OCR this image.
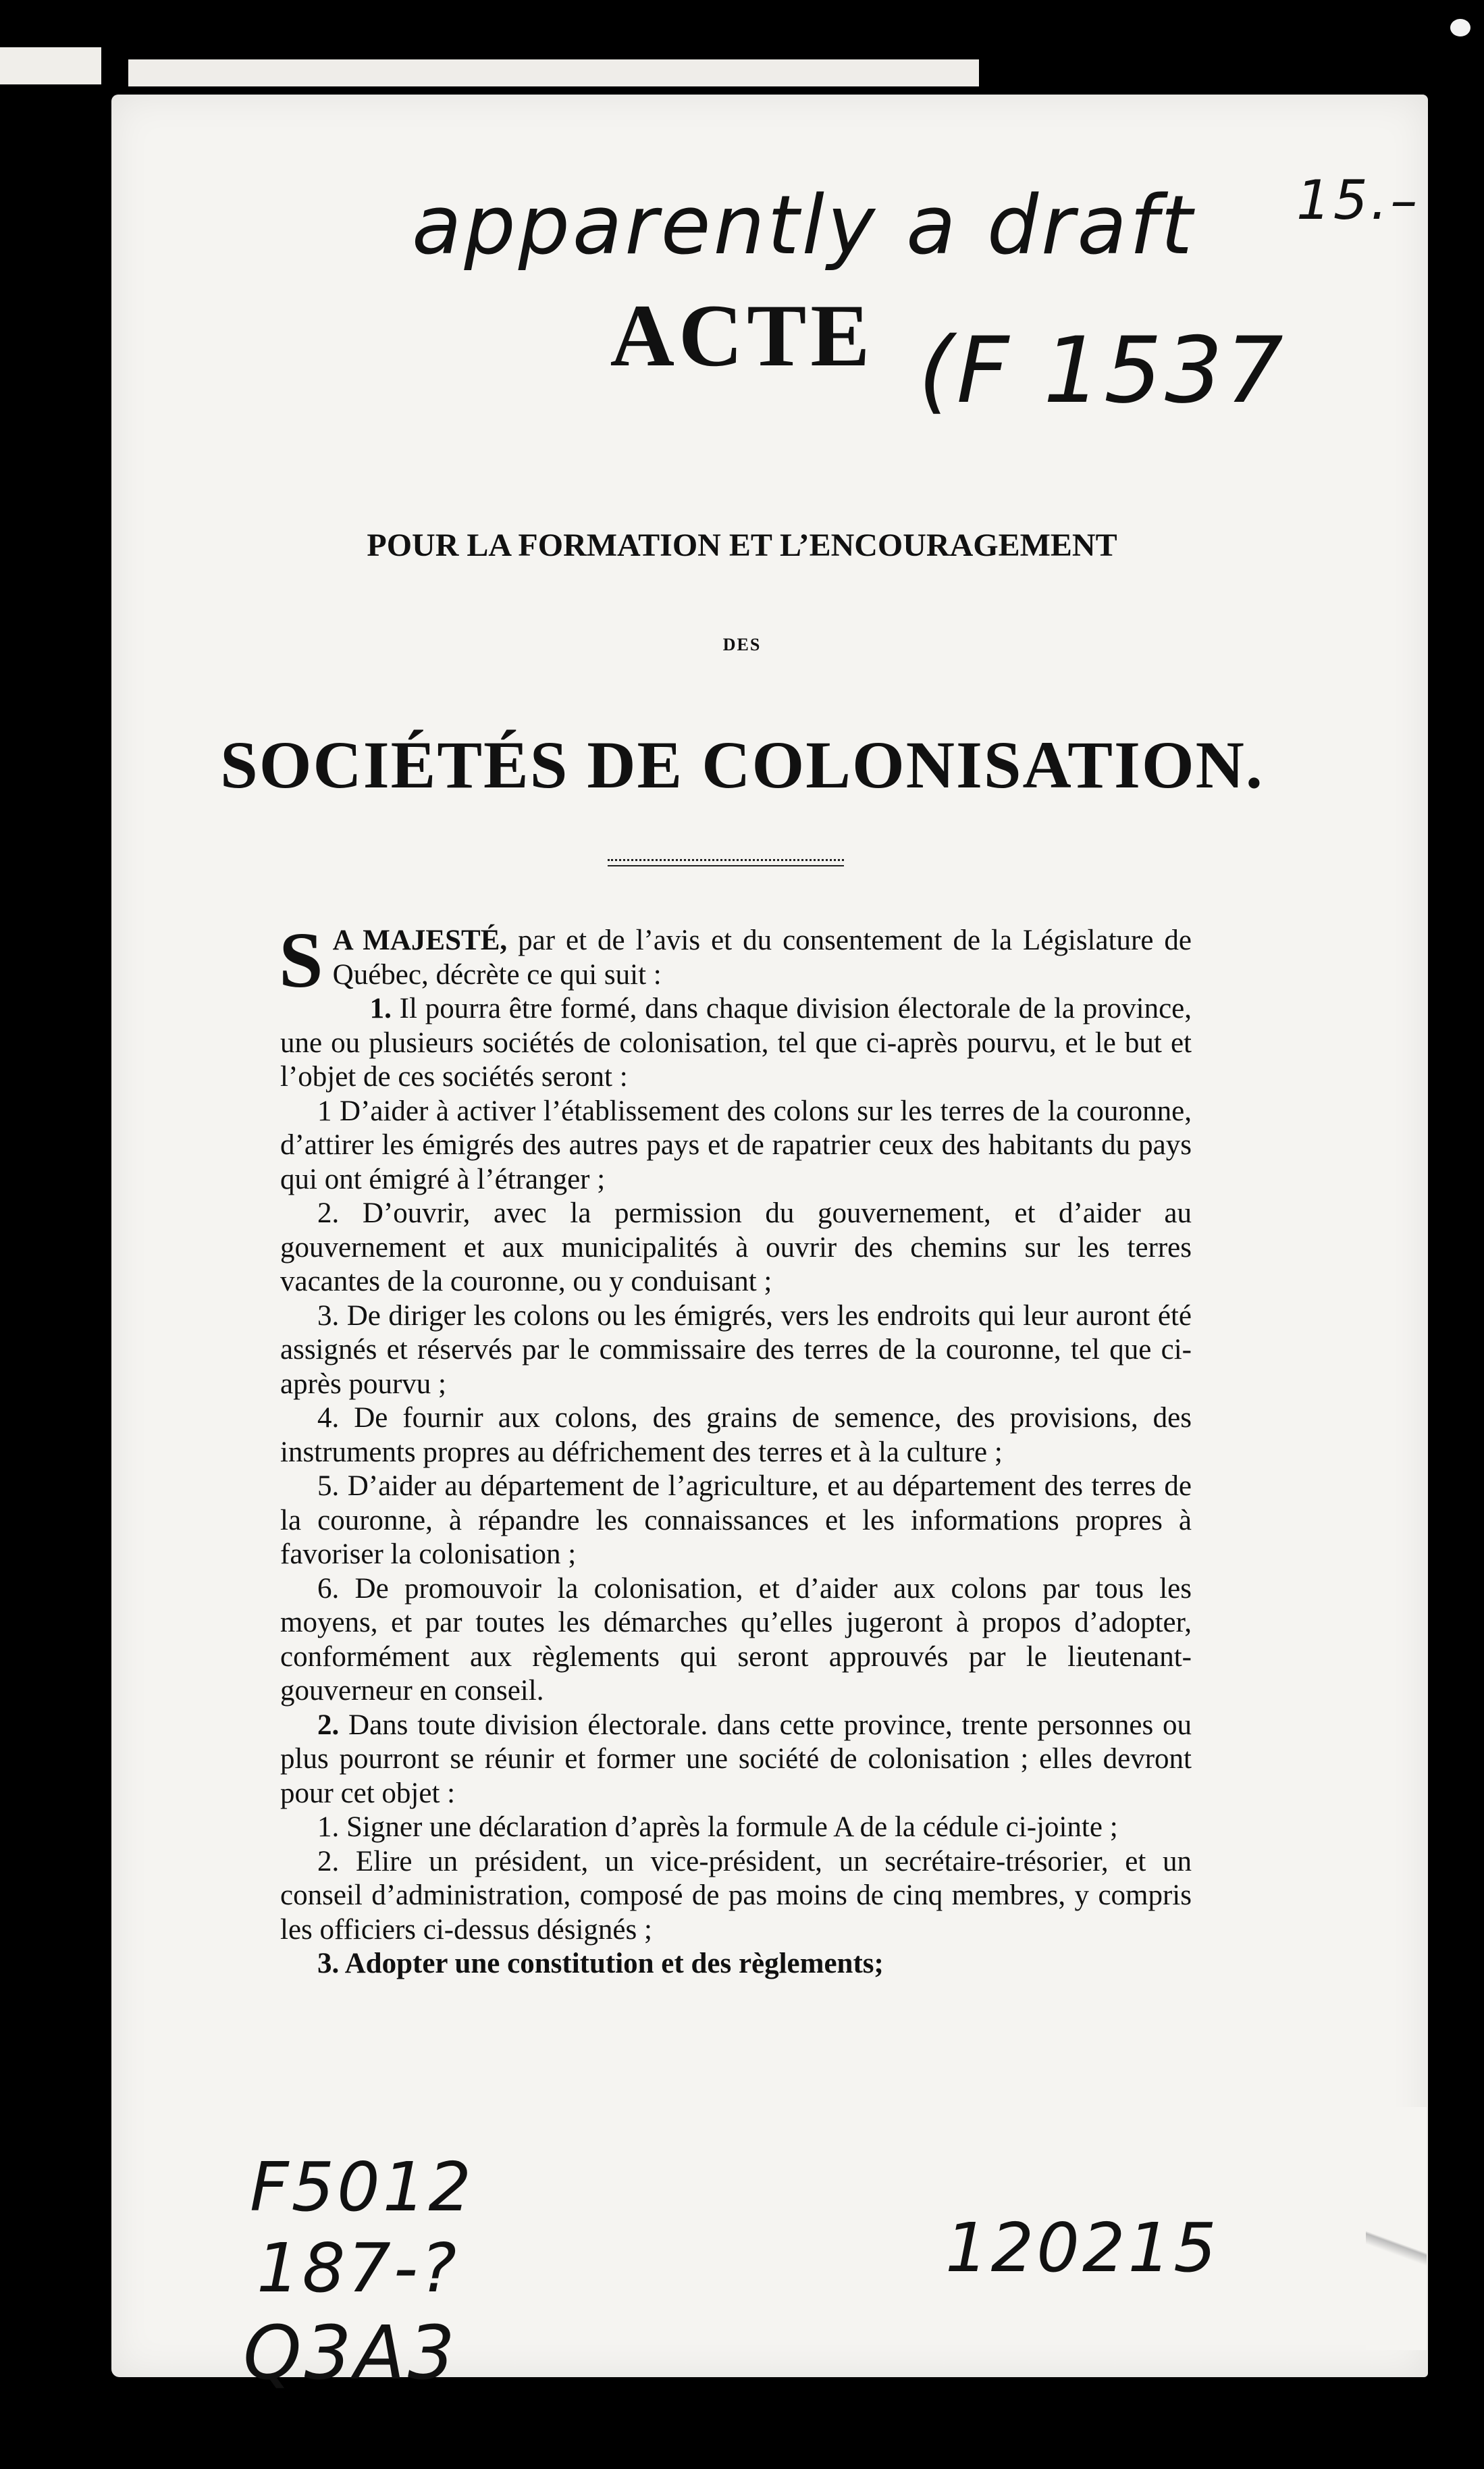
apparently a draft 15.–
(F 1537
F5012
187-?
Q3A3
120215
ACTE
POUR LA FORMATION ET L’ENCOURAGEMENT
DES
SOCIÉTÉS DE COLONISATION.

S A MAJESTÉ, par et de l’avis et du consentement de la Législature de Québec, décrète ce qui suit :

1. Il pourra être formé, dans chaque division électorale de la province, une ou plusieurs sociétés de colonisation, tel que ci-après pourvu, et le but et l’objet de ces sociétés seront :

1 D’aider à activer l’établissement des colons sur les terres de la couronne, d’attirer les émigrés des autres pays et de rapatrier ceux des habitants du pays qui ont émigré à l’étranger ;

2. D’ouvrir, avec la permission du gouvernement, et d’aider au gouvernement et aux municipalités à ouvrir des chemins sur les terres vacantes de la couronne, ou y conduisant ;

3. De diriger les colons ou les émigrés, vers les endroits qui leur auront été assignés et réservés par le commissaire des terres de la couronne, tel que ci-après pourvu ;

4. De fournir aux colons, des grains de semence, des provisions, des instruments propres au défrichement des terres et à la culture ;

5. D’aider au département de l’agriculture, et au département des terres de la couronne, à répandre les connaissances et les informations propres à favoriser la colonisation ;

6. De promouvoir la colonisation, et d’aider aux colons par tous les moyens, et par toutes les démarches qu’elles jugeront à propos d’adopter, conformément aux règlements qui seront approuvés par le lieutenant-gouverneur en conseil.

2. Dans toute division électorale. dans cette province, trente personnes ou plus pourront se réunir et former une société de colonisation ; elles devront pour cet objet :

1. Signer une déclaration d’après la formule A de la cédule ci-jointe ;

2. Elire un président, un vice-président, un secrétaire-trésorier, et un conseil d’administration, composé de pas moins de cinq membres, y compris les officiers ci-dessus désignés ;

3. Adopter une constitution et des règlements;
